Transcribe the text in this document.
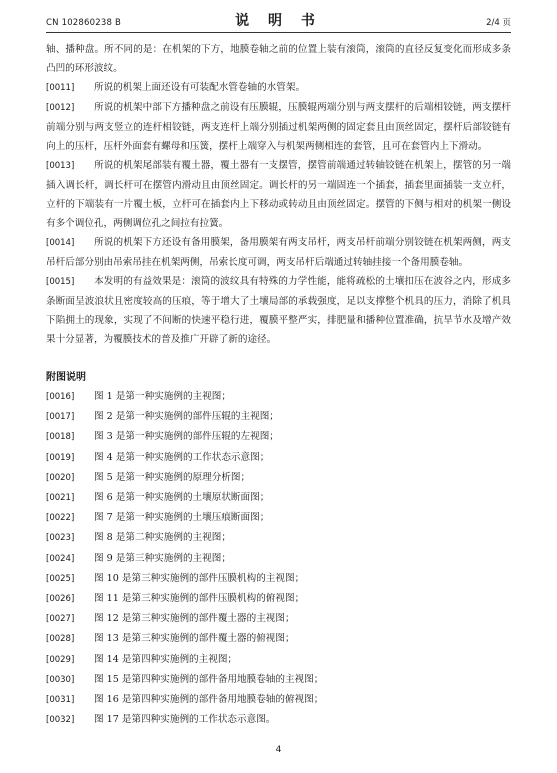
CN 102860238 B	说 明 书	2/4 页

轴、播种盘。所不同的是：在机架的下方，地膜卷轴之前的位置上装有滚筒，滚筒的直径反复变化而形成多条凸凹的环形波纹。

[0011] 所说的机架上面还设有可装配水管卷轴的水管架。

[0012] 所说的机架中部下方播种盘之前设有压膜辊，压膜辊两端分别与两支摆杆的后端相铰链，两支摆杆前端分别与两支竖立的连杆相铰链，两支连杆上端分别插过机架两侧的固定套且由顶丝固定，摆杆后部铰链有向上的压杆，压杆外面套有螺母和压簧，摆杆上端穿入与机架两侧相连的套管，且可在套管内上下滑动。

[0013] 所说的机架尾部装有覆土器，覆土器有一支摆管，摆管前端通过转轴铰链在机架上，摆管的另一端插入调长杆，调长杆可在摆管内滑动且由顶丝固定。调长杆的另一端固连一个插套，插套里面插装一支立杆，立杆的下端装有一片覆土板，立杆可在插套内上下移动或转动且由顶丝固定。摆管的下侧与相对的机架一侧设有多个调位孔，两侧调位孔之间拉有拉簧。

[0014] 所说的机架下方还设有备用膜架，备用膜架有两支吊杆，两支吊杆前端分别铰链在机架两侧，两支吊杆后部分别由吊索吊挂在机架两侧，吊索长度可调，两支吊杆后端通过转轴挂接一个备用膜卷轴。

[0015] 本发明的有益效果是：滚筒的波纹具有特殊的力学性能，能将疏松的土壤扣压在波谷之内，形成多条断面呈波浪状且密度较高的压痕，等于增大了土壤局部的承载强度，足以支撑整个机具的压力，消除了机具下陷拥土的现象，实现了不间断的快速平稳行进，覆膜平整严实，排肥量和播种位置准确，抗旱节水及增产效果十分显著，为覆膜技术的普及推广开辟了新的途径。

附图说明

[0016] 图 1 是第一种实施例的主视图；

[0017] 图 2 是第一种实施例的部件压辊的主视图；

[0018] 图 3 是第一种实施例的部件压辊的左视图；

[0019] 图 4 是第一种实施例的工作状态示意图；

[0020] 图 5 是第一种实施例的原理分析图；

[0021] 图 6 是第一种实施例的土壤原状断面图；

[0022] 图 7 是第一种实施例的土壤压痕断面图；

[0023] 图 8 是第二种实施例的主视图；

[0024] 图 9 是第三种实施例的主视图；

[0025] 图 10 是第三种实施例的部件压膜机构的主视图；

[0026] 图 11 是第三种实施例的部件压膜机构的俯视图；

[0027] 图 12 是第三种实施例的部件覆土器的主视图；

[0028] 图 13 是第三种实施例的部件覆土器的俯视图；

[0029] 图 14 是第四种实施例的主视图；

[0030] 图 15 是第四种实施例的部件备用地膜卷轴的主视图；

[0031] 图 16 是第四种实施例的部件备用地膜卷轴的俯视图；

[0032] 图 17 是第四种实施例的工作状态示意图。

4
